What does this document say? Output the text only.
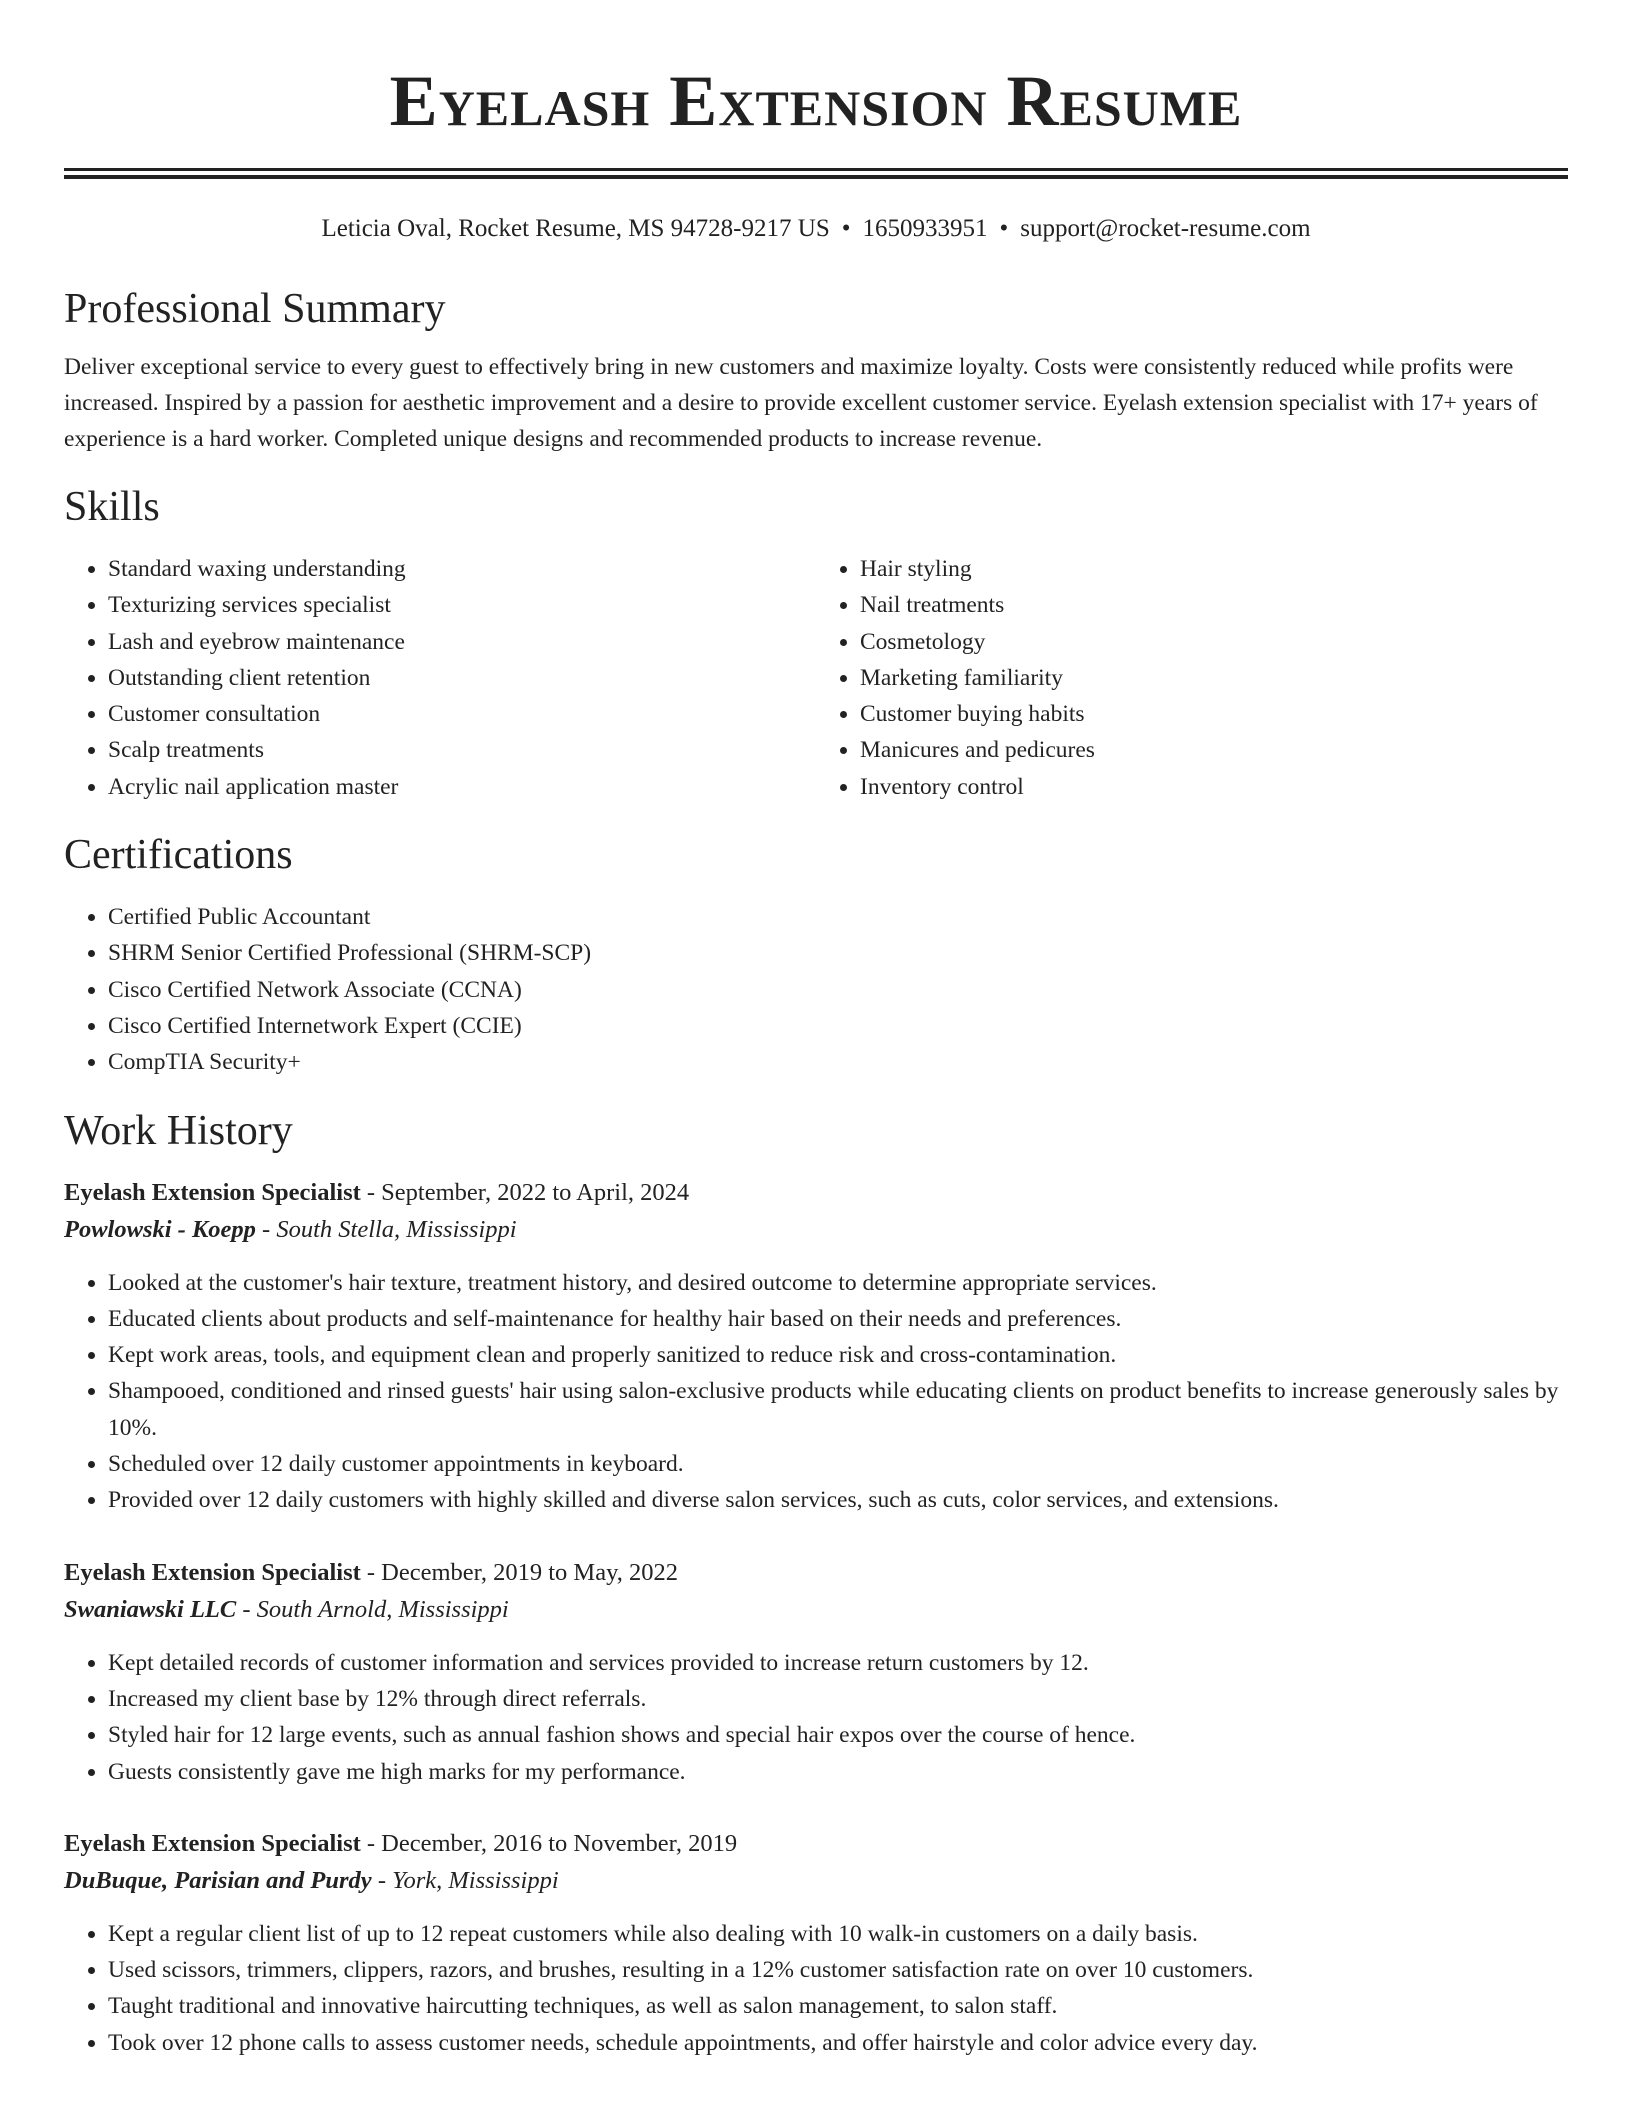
Eyelash Extension Resume
Leticia Oval, Rocket Resume, MS 94728-9217 US • 1650933951 • support@rocket-resume.com
Professional Summary

Deliver exceptional service to every guest to effectively bring in new customers and maximize loyalty. Costs were consistently reduced while profits were increased. Inspired by a passion for aesthetic improvement and a desire to provide excellent customer service. Eyelash extension specialist with 17+ years of experience is a hard worker. Completed unique designs and recommended products to increase revenue.

Skills
• Standard waxing understanding
• Texturizing services specialist
• Lash and eyebrow maintenance
• Outstanding client retention
• Customer consultation
• Scalp treatments
• Acrylic nail application master
• Hair styling
• Nail treatments
• Cosmetology
• Marketing familiarity
• Customer buying habits
• Manicures and pedicures
• Inventory control
Certifications
• Certified Public Accountant
• SHRM Senior Certified Professional (SHRM-SCP)
• Cisco Certified Network Associate (CCNA)
• Cisco Certified Internetwork Expert (CCIE)
• CompTIA Security+
Work History
Eyelash Extension Specialist - September, 2022 to April, 2024
Powlowski - Koepp - South Stella, Mississippi
• Looked at the customer's hair texture, treatment history, and desired outcome to determine appropriate services.
• Educated clients about products and self-maintenance for healthy hair based on their needs and preferences.
• Kept work areas, tools, and equipment clean and properly sanitized to reduce risk and cross-contamination.
• Shampooed, conditioned and rinsed guests' hair using salon-exclusive products while educating clients on product benefits to increase generously sales by 10%.
• Scheduled over 12 daily customer appointments in keyboard.
• Provided over 12 daily customers with highly skilled and diverse salon services, such as cuts, color services, and extensions.
Eyelash Extension Specialist - December, 2019 to May, 2022
Swaniawski LLC - South Arnold, Mississippi
• Kept detailed records of customer information and services provided to increase return customers by 12.
• Increased my client base by 12% through direct referrals.
• Styled hair for 12 large events, such as annual fashion shows and special hair expos over the course of hence.
• Guests consistently gave me high marks for my performance.
Eyelash Extension Specialist - December, 2016 to November, 2019
DuBuque, Parisian and Purdy - York, Mississippi
• Kept a regular client list of up to 12 repeat customers while also dealing with 10 walk-in customers on a daily basis.
• Used scissors, trimmers, clippers, razors, and brushes, resulting in a 12% customer satisfaction rate on over 10 customers.
• Taught traditional and innovative haircutting techniques, as well as salon management, to salon staff.
• Took over 12 phone calls to assess customer needs, schedule appointments, and offer hairstyle and color advice every day.
